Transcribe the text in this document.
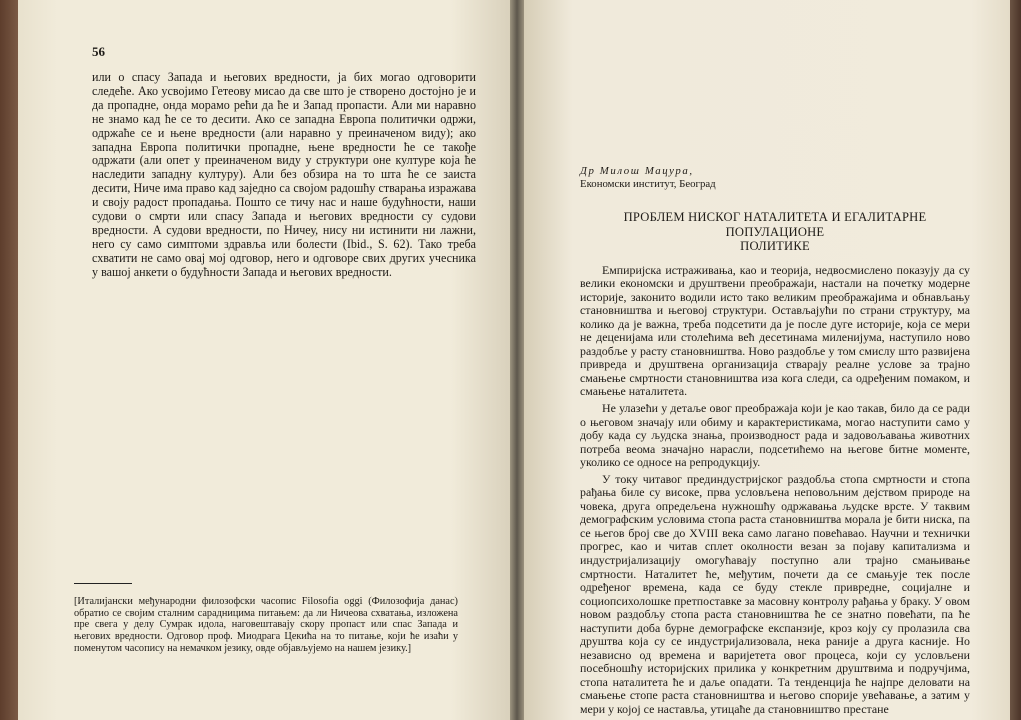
56

или о спасу Запада и његових вредности, ја бих могао одговорити следеће. Ако усвојимо Гетеову мисао да све што је створено достојно је и да пропадне, онда морамо рећи да ће и Запад пропасти. Али ми наравно не знамо кад ће се то десити. Ако се западна Европа политички одржи, одржаће се и њене вредности (али наравно у преиначеном виду); ако западна Европа политички пропадне, њене вредности ће се такође одржати (али опет у преиначеном виду у структури оне културе која ће наследити западну културу). Али без обзира на то шта ће се заиста десити, Ниче има право кад заједно са својом радошћу стварања изражава и своју радост пропадања. Пошто се тичу нас и наше будућности, наши судови о смрти или спасу Запада и његових вредности су судови вредности. А судови вредности, по Ничеу, нису ни истинити ни лажни, него су само симптоми здравља или болести (Ibid., S. 62). Тако треба схватити не само овај мој одговор, него и одговоре свих других учесника у вашој анкети о будућности Запада и његових вредности.

[Италијански међународни филозофски часопис Filosofia oggi (Филозофија данас) обратио се својим сталним сарадницима питањем: да ли Ничеова схватања, изложена пре свега у делу Сумрак идола, наговештавају скору пропаст или спас Запада и његових вредности. Одговор проф. Миодрага Цекића на то питање, који ће изаћи у поменутом часопису на немачком језику, овде објављујемо на нашем језику.]

Др Милош Мацура,
Економски институт, Београд

ПРОБЛЕМ НИСКОГ НАТАЛИТЕТА И ЕГАЛИТАРНЕ ПОПУЛАЦИОНЕ
ПОЛИТИКЕ

Емпиријска истраживања, као и теорија, недвосмислено показују да су велики економски и друштвени преображаји, настали на почетку модерне историје, законито водили исто тако великим преображајима и обнављању становништва и његовој структури. Остављајући по страни структуру, ма колико да је важна, треба подсетити да је после дуге историје, која се мери не деценијама или столећима већ десетинама миленијума, наступило ново раздобље у расту становништва. Ново раздобље у том смислу што развијена привреда и друштвена организација стварају реалне услове за трајно смањење смртности становништва иза кога следи, са одређеним помаком, и смањење наталитета.

Не улазећи у детаље овог преображаја који је као такав, било да се ради о његовом значају или обиму и карактеристикама, могао наступити само у добу када су људска знања, производност рада и задовољавања животних потреба веома значајно нарасли, подсетићемо на његове битне моменте, уколико се односе на репродукцију.

У току читавог прединдустријског раздобља стопа смртности и стопа рађања биле су високе, прва условљена неповољним дејством природе на човека, друга опредељена нужношћу одржавања људске врсте. У таквим демографским условима стопа раста становништва морала је бити ниска, па се његов број све до XVIII века само лагано повећавао. Научни и технички прогрес, као и читав сплет околности везан за појаву капитализма и индустријализацију омогућавају поступно али трајно смањивање смртности. Наталитет ће, међутим, почети да се смањује тек после одређеног времена, када се буду стекле привредне, социјалне и социопсихолошке претпоставке за масовну контролу рађања у браку. У овом новом раздобљу стопа раста становништва ће се знатно повећати, па ће наступити доба бурне демографске експанзије, кроз коју су пролазила сва друштва која су се индустријализовала, нека раније а друга касније. Но независно од времена и варијетета овог процеса, који су условљени посебношћу историјских прилика у конкретним друштвима и подручјима, стопа наталитета ће и даље опадати. Та тенденција ће најпре деловати на смањење стопе раста становништва и његово спорије увећавање, а затим у мери у којој се наставља, утицаће да становништво престане
